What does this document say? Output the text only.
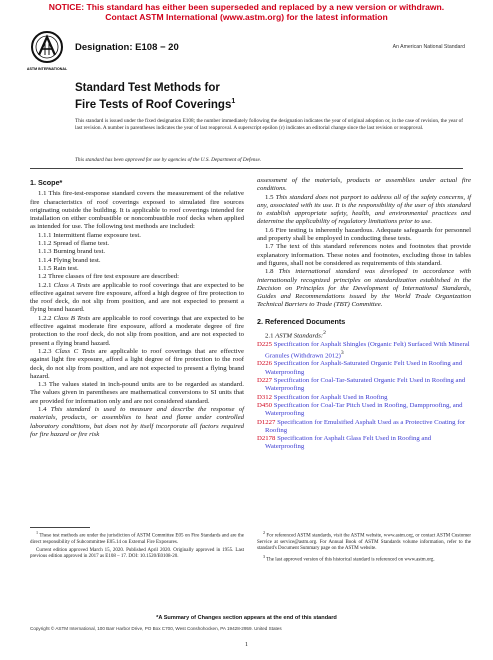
NOTICE: This standard has either been superseded and replaced by a new version or withdrawn.
Contact ASTM International (www.astm.org) for the latest information
ASTM INTERNATIONAL
Designation: E108 − 20	An American National Standard
Standard Test Methods for
Fire Tests of Roof Coverings$^1$
This standard is issued under the fixed designation E108; the number immediately following the designation indicates the year of original adoption or, in the case of revision, the year of last revision. A number in parentheses indicates the year of last reapproval. A superscript epsilon (ε) indicates an editorial change since the last revision or reapproval.
This standard has been approved for use by agencies of the U.S. Department of Defense.
1. Scope*

1.1 This fire-test-response standard covers the measurement of the relative fire characteristics of roof coverings exposed to simulated fire sources originating outside the building. It is applicable to roof coverings intended for installation on either combustible or noncombustible roof decks when applied as intended for use. The following test methods are included:

1.1.1 Intermittent flame exposure test.

1.1.2 Spread of flame test.

1.1.3 Burning brand test.

1.1.4 Flying brand test.

1.1.5 Rain test.

1.2 Three classes of fire test exposure are described:

1.2.1 Class A Tests are applicable to roof coverings that are expected to be effective against severe fire exposure, afford a high degree of fire protection to the roof deck, do not slip from position, and are not expected to present a flying brand hazard.

1.2.2 Class B Tests are applicable to roof coverings that are expected to be effective against moderate fire exposure, afford a moderate degree of fire protection to the roof deck, do not slip from position, and are not expected to present a flying brand hazard.

1.2.3 Class C Tests are applicable to roof coverings that are effective against light fire exposure, afford a light degree of fire protection to the roof deck, do not slip from position, and are not expected to present a flying brand hazard.

1.3 The values stated in inch-pound units are to be regarded as standard. The values given in parentheses are mathematical conversions to SI units that are provided for information only and are not considered standard.

1.4 This standard is used to measure and describe the response of materials, products, or assemblies to heat and flame under controlled laboratory conditions, but does not by itself incorporate all factors required for fire hazard or fire risk

assessment of the materials, products or assemblies under actual fire conditions.

1.5 This standard does not purport to address all of the safety concerns, if any, associated with its use. It is the responsibility of the user of this standard to establish appropriate safety, health, and environmental practices and determine the applicability of regulatory limitations prior to use.

1.6 Fire testing is inherently hazardous. Adequate safeguards for personnel and property shall be employed in conducting these tests.

1.7 The text of this standard references notes and footnotes that provide explanatory information. These notes and footnotes, excluding those in tables and figures, shall not be considered as requirements of this standard.

1.8 This international standard was developed in accordance with internationally recognized principles on standardization established in the Decision on Principles for the Development of International Standards, Guides and Recommendations issued by the World Trade Organization Technical Barriers to Trade (TBT) Committee.

2. Referenced Documents

2.1 ASTM Standards:$^2$

D225 Specification for Asphalt Shingles (Organic Felt) Surfaced With Mineral Granules (Withdrawn 2012)$^3$

D226 Specification for Asphalt-Saturated Organic Felt Used in Roofing and Waterproofing

D227 Specification for Coal-Tar-Saturated Organic Felt Used in Roofing and Waterproofing

D312 Specification for Asphalt Used in Roofing

D450 Specification for Coal-Tar Pitch Used in Roofing, Dampproofing, and Waterproofing

D1227 Specification for Emulsified Asphalt Used as a Protective Coating for Roofing

D2178 Specification for Asphalt Glass Felt Used in Roofing and Waterproofing

$^1$ These test methods are under the jurisdiction of ASTM Committee E05 on Fire Standards and are the direct responsibility of Subcommittee E05.14 on External Fire Exposures.

Current edition approved March 15, 2020. Published April 2020. Originally approved in 1955. Last previous edition approved in 2017 as E108 – 17. DOI: 10.1520/E0108-20.

$^2$ For referenced ASTM standards, visit the ASTM website, www.astm.org, or contact ASTM Customer Service at service@astm.org. For Annual Book of ASTM Standards volume information, refer to the standard's Document Summary page on the ASTM website.

$^3$ The last approved version of this historical standard is referenced on www.astm.org.

*A Summary of Changes section appears at the end of this standard
Copyright © ASTM International, 100 Barr Harbor Drive, PO Box C700, West Conshohocken, PA 19428-2959. United States
1
